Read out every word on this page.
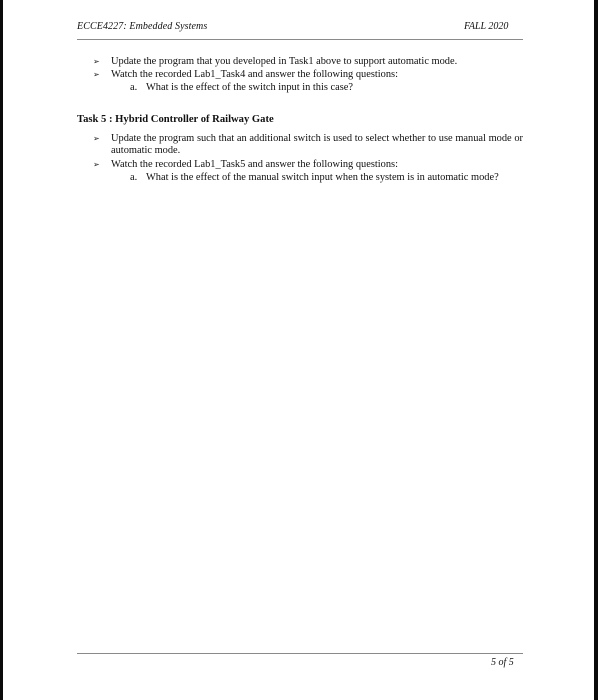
ECCE4227: Embedded Systems	FALL 2020
➢	Update the program that you developed in Task1 above to support automatic mode.
➢	Watch the recorded Lab1_Task4 and answer the following questions:
a. What is the effect of the switch input in this case?
Task 5 : Hybrid Controller of Railway Gate
➢	Update the program such that an additional switch is used to select whether to use manual mode or automatic mode.
➢	Watch the recorded Lab1_Task5 and answer the following questions:
a. What is the effect of the manual switch input when the system is in automatic mode?
5 of 5
